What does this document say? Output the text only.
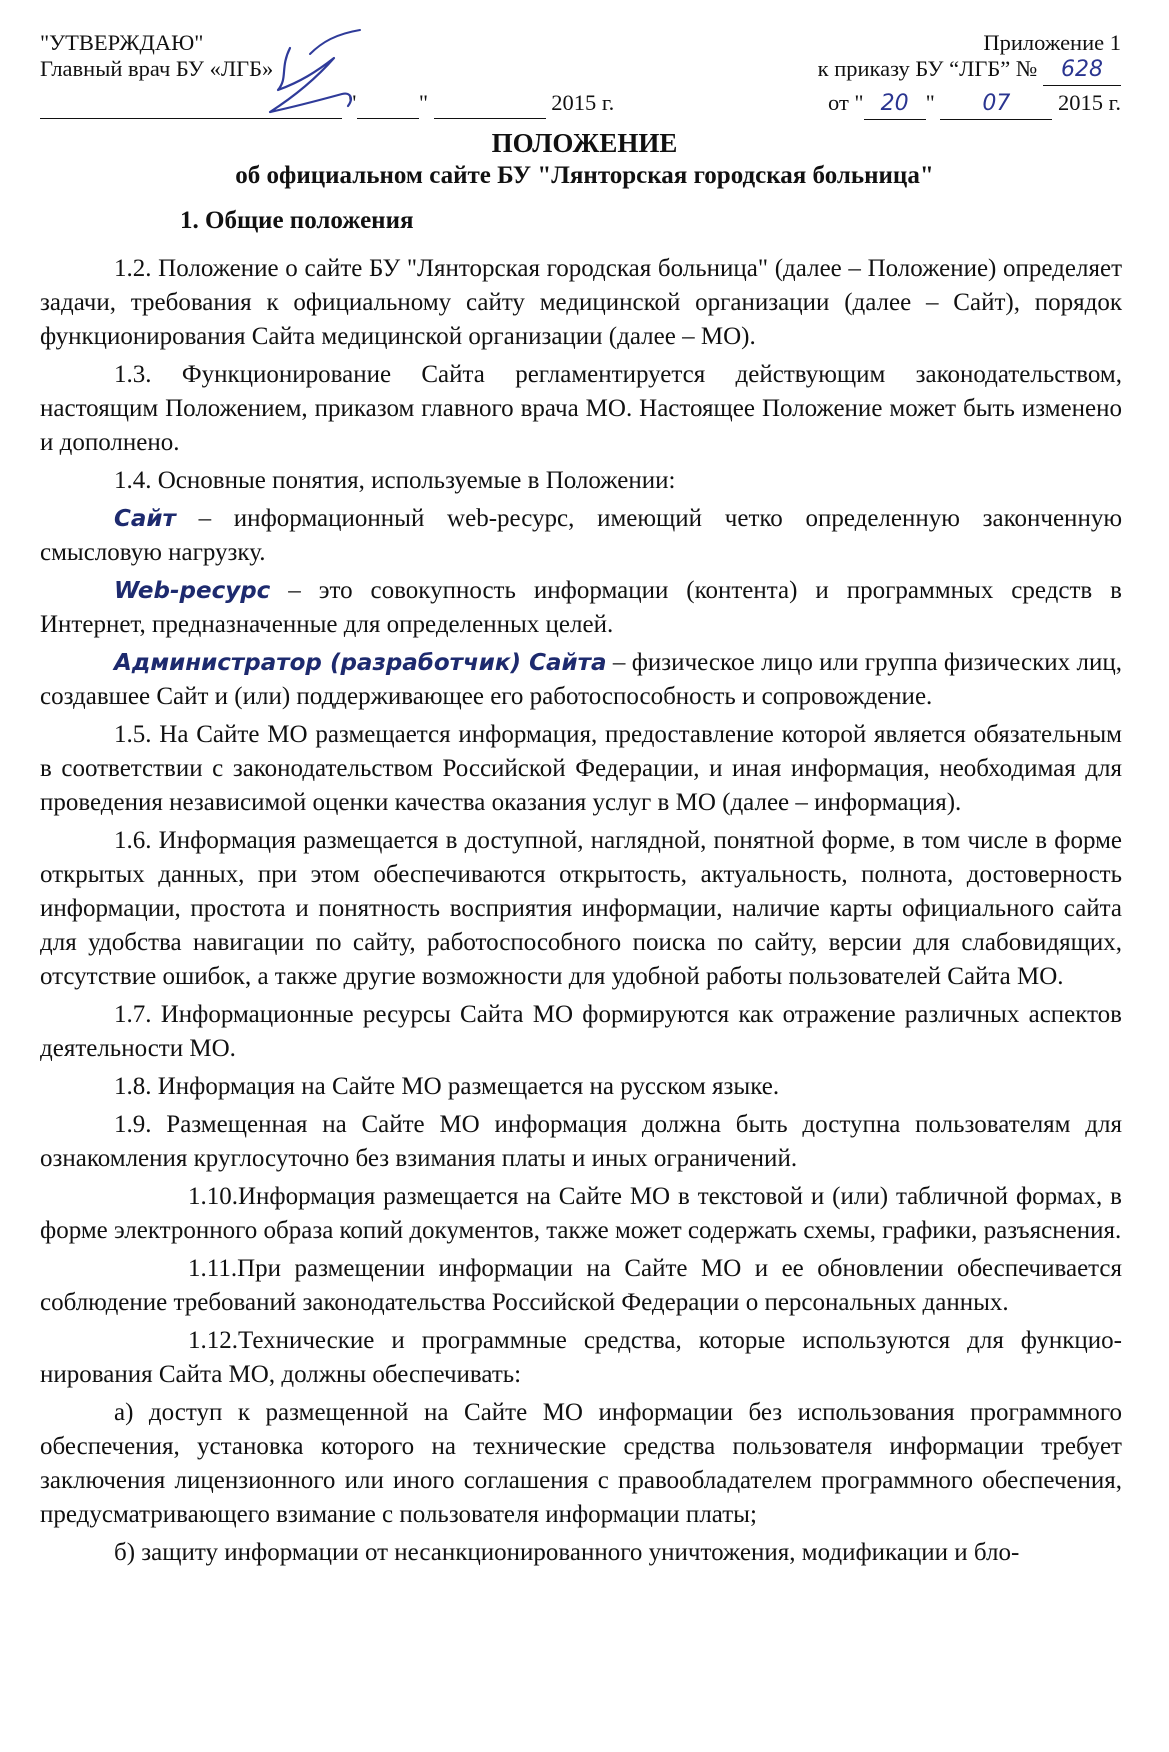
"УТВЕРЖДАЮ"
Главный врач БУ «ЛГБ»
"	"	2015 г.
Приложение 1
к приказу БУ “ЛГБ” № 628
от " 20 " 07 2015 г.
ПОЛОЖЕНИЕ
об официальном сайте БУ "Лянторская городская больница"
1. Общие положения

1.2. Положение о сайте БУ "Лянторская городская больница" (далее – Положение) определяет задачи, требования к официальному сайту медицинской организации (далее – Сайт), порядок функционирования Сайта медицинской организации (далее – МО).

1.3. Функционирование Сайта регламентируется действующим законодательством, настоящим Положением, приказом главного врача МО. Настоящее Положение может быть изменено и дополнено.

1.4. Основные понятия, используемые в Положении:

Сайт – информационный web-ресурс, имеющий четко определенную законченную смысловую нагрузку.

Web-ресурс – это совокупность информации (контента) и программных средств в Интернет, предназначенные для определенных целей.

Администратор (разработчик) Сайта – физическое лицо или группа физических лиц, создавшее Сайт и (или) поддерживающее его работоспособность и сопровождение.

1.5. На Сайте МО размещается информация, предоставление которой является обязательным в соответствии с законодательством Российской Федерации, и иная информация, необходимая для проведения независимой оценки качества оказания услуг в МО (далее – информация).

1.6. Информация размещается в доступной, наглядной, понятной форме, в том числе в форме открытых данных, при этом обеспечиваются открытость, актуальность, полнота, достоверность информации, простота и понятность восприятия информации, наличие карты официального сайта для удобства навигации по сайту, работоспособного поиска по сайту, версии для слабовидящих, отсутствие ошибок, а также другие возможности для удобной работы пользователей Сайта МО.

1.7. Информационные ресурсы Сайта МО формируются как отражение различных аспектов деятельности МО.

1.8. Информация на Сайте МО размещается на русском языке.

1.9. Размещенная на Сайте МО информация должна быть доступна пользователям для ознакомления круглосуточно без взимания платы и иных ограничений.

1.10.Информация размещается на Сайте МО в текстовой и (или) табличной формах, в форме электронного образа копий документов, также может содержать схемы, графики, разъяснения.

1.11.При размещении информации на Сайте МО и ее обновлении обеспечивается соблюдение требований законодательства Российской Федерации о персональных данных.

1.12.Технические и программные средства, которые используются для функционирования Сайта МО, должны обеспечивать:

а) доступ к размещенной на Сайте МО информации без использования программного обеспечения, установка которого на технические средства пользователя информации требует заключения лицензионного или иного соглашения с правообладателем программного обеспечения, предусматривающего взимание с пользователя информации платы;

б) защиту информации от несанкционированного уничтожения, модификации и бло-
